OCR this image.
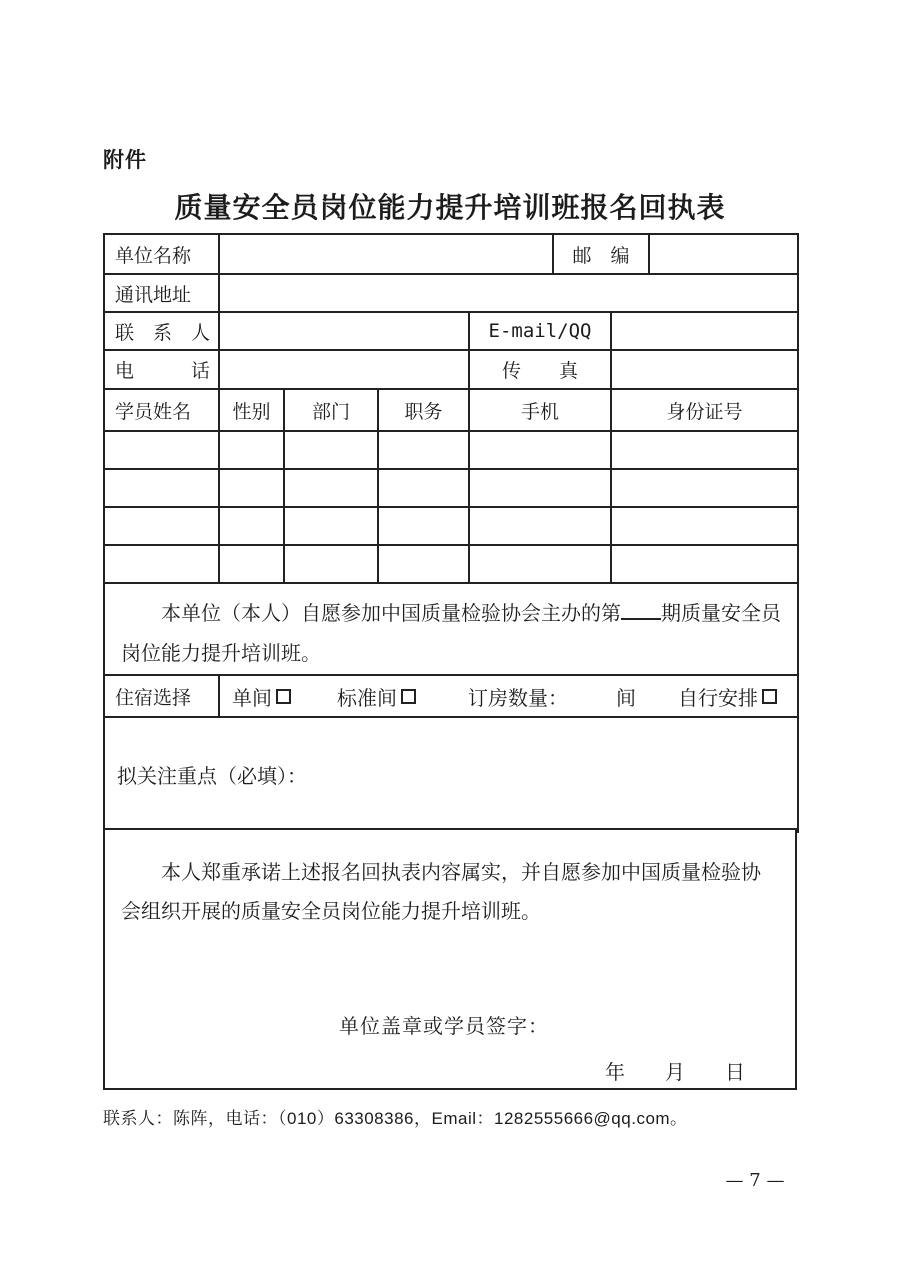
附件
质量安全员岗位能力提升培训班报名回执表
单位名称					邮　编		
通讯地址							
联　系　人				E-mail/QQ			
电　　　话				传　　真			
学员姓名	性别	部门	职务	手机		身份证号	

本单位（本人）自愿参加中国质量检验协会主办的第 期质量安全员岗位能力提升培训班。							

住宿选择	单间 标准间 订房数量： 间 自行安排						

拟关注重点（必填）：							
本人郑重承诺上述报名回执表内容属实，并自愿参加中国质量检验协会组织开展的质量安全员岗位能力提升培训班。
单位盖章或学员签字：
年　　月　　日
联系人：陈阵，电话：（010）63308386，Email：1282555666@qq.com。
— 7 —
